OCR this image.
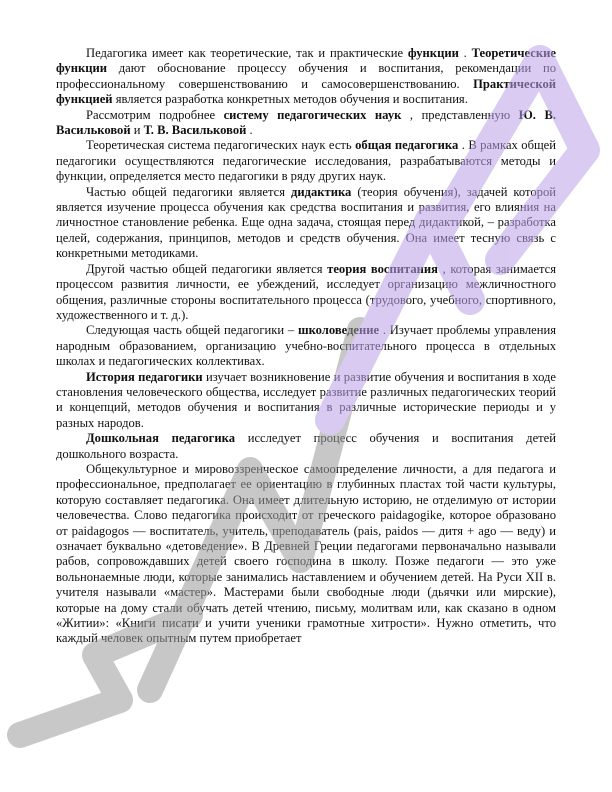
Педагогика имеет как теоретические, так и практические функции . Теоретические функции дают обоснование процессу обучения и воспитания, рекомендации по профессиональному совершенствованию и самосовершенствованию. Практической функцией является разработка конкретных методов обучения и воспитания.

Рассмотрим подробнее систему педагогических наук , представленную Ю. В. Васильковой и Т. В. Васильковой .

Теоретическая система педагогических наук есть общая педагогика . В рамках общей педагогики осуществляются педагогические исследования, разрабатываются методы и функции, определяется место педагогики в ряду других наук.

Частью общей педагогики является дидактика (теория обучения), задачей которой является изучение процесса обучения как средства воспитания и развития, его влияния на личностное становление ребенка. Еще одна задача, стоящая перед дидактикой, – разработка целей, содержания, принципов, методов и средств обучения. Она имеет тесную связь с конкретными методиками.

Другой частью общей педагогики является теория воспитания , которая занимается процессом развития личности, ее убеждений, исследует организацию межличностного общения, различные стороны воспитательного процесса (трудового, учебного, спортивного, художественного и т. д.).

Следующая часть общей педагогики – школоведение . Изучает проблемы управления народным образованием, организацию учебно-воспитательного процесса в отдельных школах и педагогических коллективах.

История педагогики изучает возникновение и развитие обучения и воспитания в ходе становления человеческого общества, исследует развитие различных педагогических теорий и концепций, методов обучения и воспитания в различные исторические периоды и у разных народов.

Дошкольная педагогика исследует процесс обучения и воспитания детей дошкольного возраста.

Общекультурное и мировоззренческое самоопределение личности, а для педагога и профессиональное, предполагает ее ориентацию в глубинных пластах той части культуры, которую составляет педагогика. Она имеет длительную историю, не отделимую от истории человечества. Слово педагогика происходит от греческого paidagogike, которое образовано от paidagogos — воспитатель, учитель, преподаватель (pais, paidos — дитя + ago — веду) и означает буквально «детоведение». В Древней Греции педагогами первоначально называли рабов, сопровождавших детей своего господина в школу. Позже педагоги — это уже вольнонаемные люди, которые занимались наставлением и обучением детей. На Руси XII в. учителя называли «мастер». Мастерами были свободные люди (дьячки или мирские), которые на дому стали обучать детей чтению, письму, молитвам или, как сказано в одном «Житии»: «Книги писати и учити ученики грамотные хитрости». Нужно отметить, что каждый человек опытным путем приобретает
